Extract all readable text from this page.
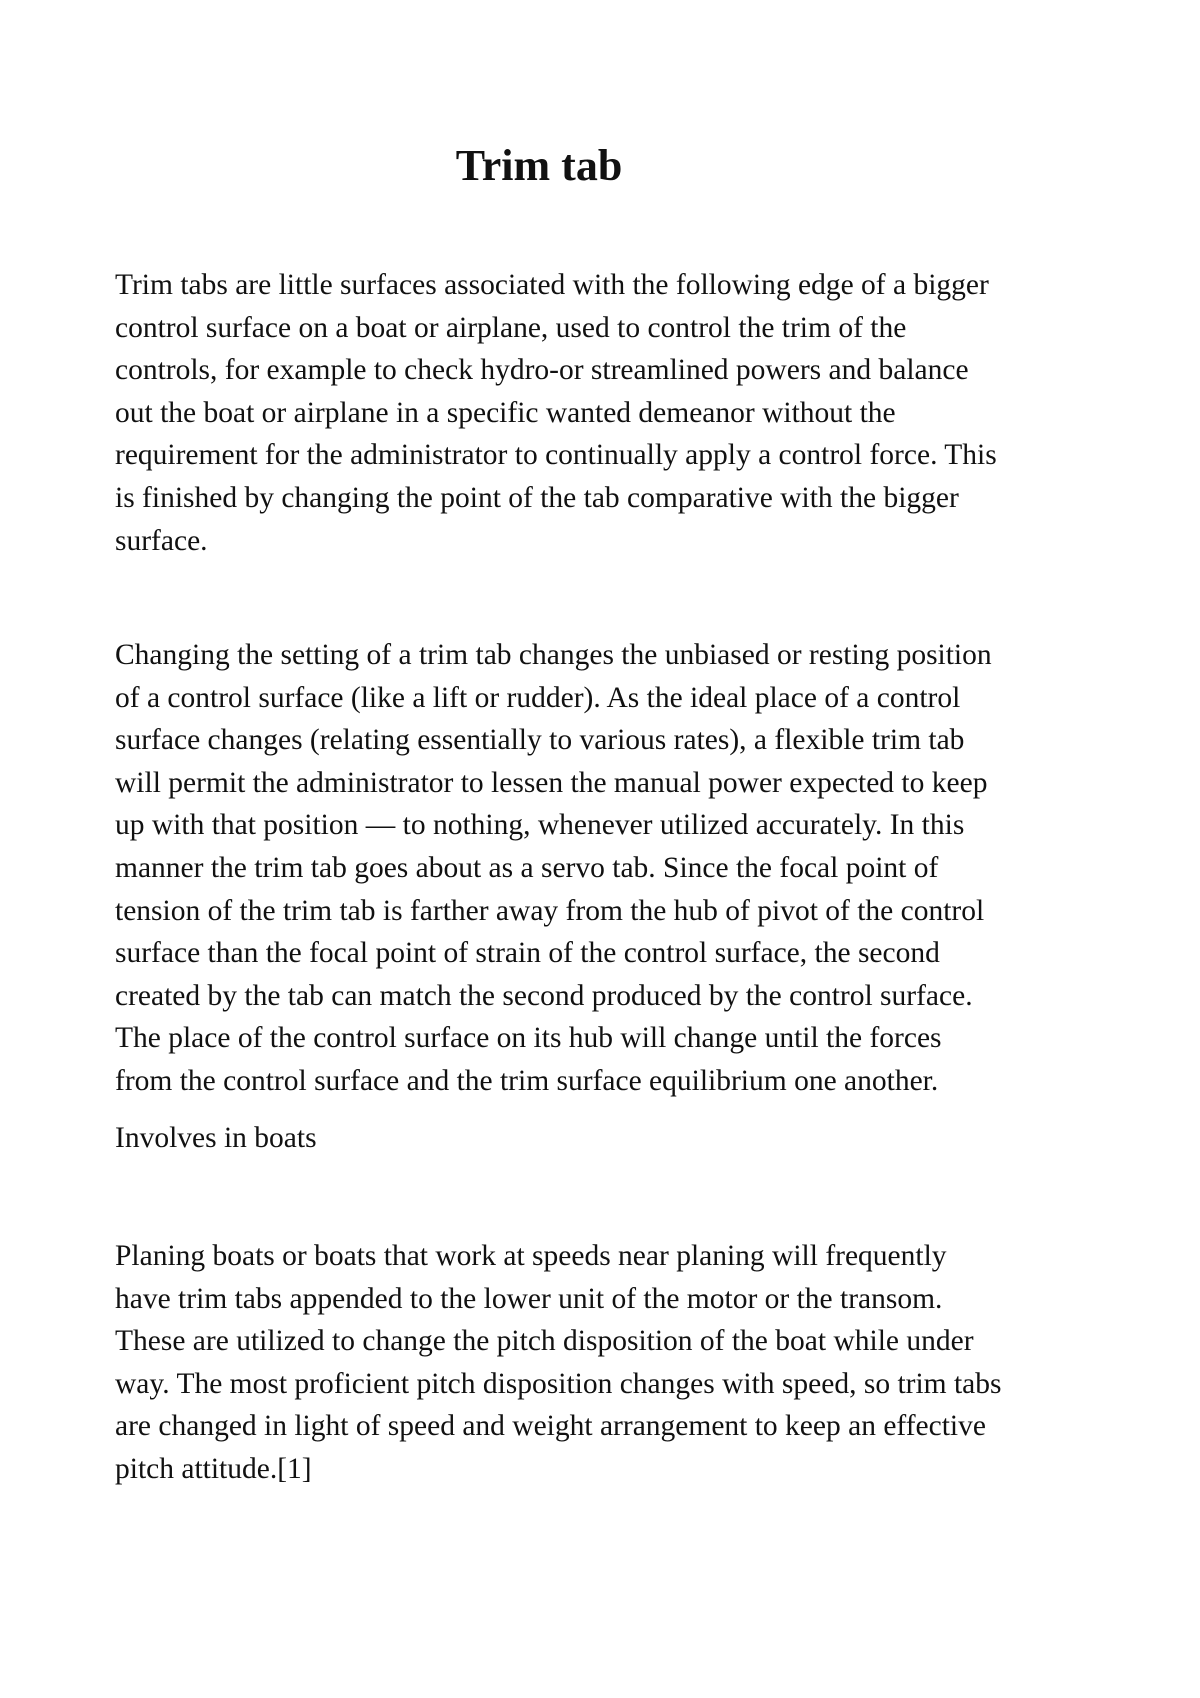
Trim tab

Trim tabs are little surfaces associated with the following edge of a bigger
control surface on a boat or airplane, used to control the trim of the
controls, for example to check hydro-or streamlined powers and balance
out the boat or airplane in a specific wanted demeanor without the
requirement for the administrator to continually apply a control force. This
is finished by changing the point of the tab comparative with the bigger
surface.

Changing the setting of a trim tab changes the unbiased or resting position
of a control surface (like a lift or rudder). As the ideal place of a control
surface changes (relating essentially to various rates), a flexible trim tab
will permit the administrator to lessen the manual power expected to keep
up with that position — to nothing, whenever utilized accurately. In this
manner the trim tab goes about as a servo tab. Since the focal point of
tension of the trim tab is farther away from the hub of pivot of the control
surface than the focal point of strain of the control surface, the second
created by the tab can match the second produced by the control surface.
The place of the control surface on its hub will change until the forces
from the control surface and the trim surface equilibrium one another.

Involves in boats

Planing boats or boats that work at speeds near planing will frequently
have trim tabs appended to the lower unit of the motor or the transom.
These are utilized to change the pitch disposition of the boat while under
way. The most proficient pitch disposition changes with speed, so trim tabs
are changed in light of speed and weight arrangement to keep an effective
pitch attitude.[1]
